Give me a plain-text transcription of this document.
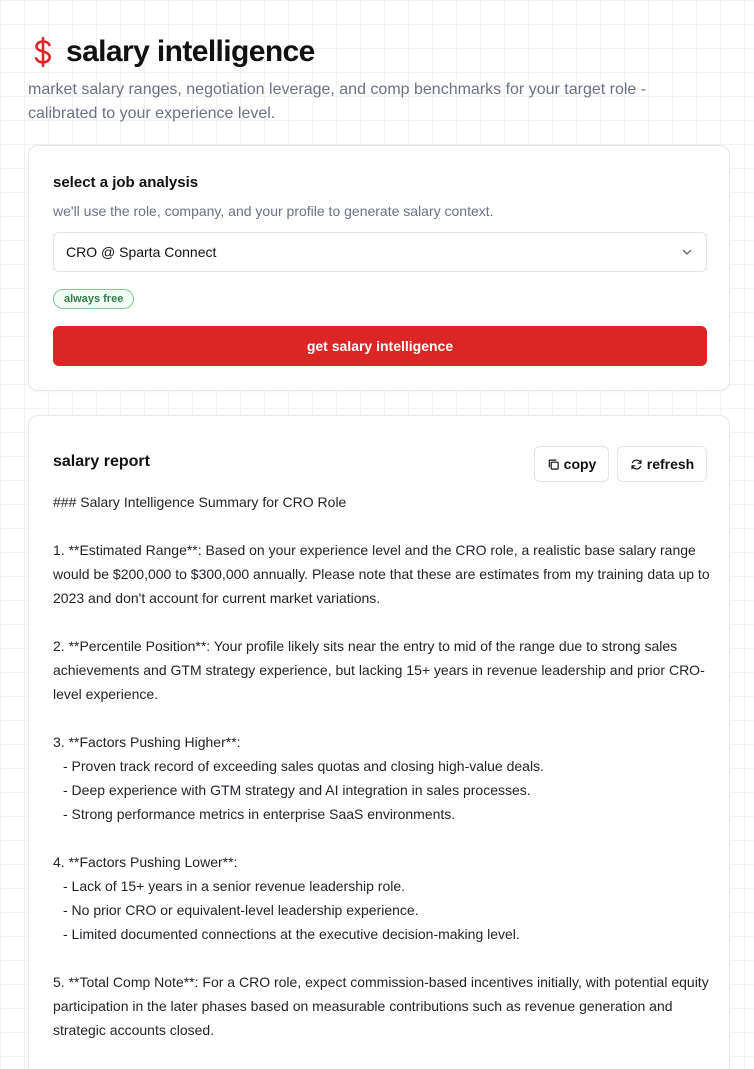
salary intelligence
market salary ranges, negotiation leverage, and comp benchmarks for your target role - calibrated to your experience level.
select a job analysis
we'll use the role, company, and your profile to generate salary context.
CRO @ Sparta Connect
always free
get salary intelligence
salary report	copy	refresh

### Salary Intelligence Summary for CRO Role

1. **Estimated Range**: Based on your experience level and the CRO role, a realistic base salary range would be $200,000 to $300,000 annually. Please note that these are estimates from my training data up to 2023 and don't account for current market variations.

2. **Percentile Position**: Your profile likely sits near the entry to mid of the range due to strong sales achievements and GTM strategy experience, but lacking 15+ years in revenue leadership and prior CRO-level experience.

3. **Factors Pushing Higher**:
- Proven track record of exceeding sales quotas and closing high-value deals.
- Deep experience with GTM strategy and AI integration in sales processes.
- Strong performance metrics in enterprise SaaS environments.

4. **Factors Pushing Lower**:
- Lack of 15+ years in a senior revenue leadership role.
- No prior CRO or equivalent-level leadership experience.
- Limited documented connections at the executive decision-making level.

5. **Total Comp Note**: For a CRO role, expect commission-based incentives initially, with potential equity participation in the later phases based on measurable contributions such as revenue generation and strategic accounts closed.
